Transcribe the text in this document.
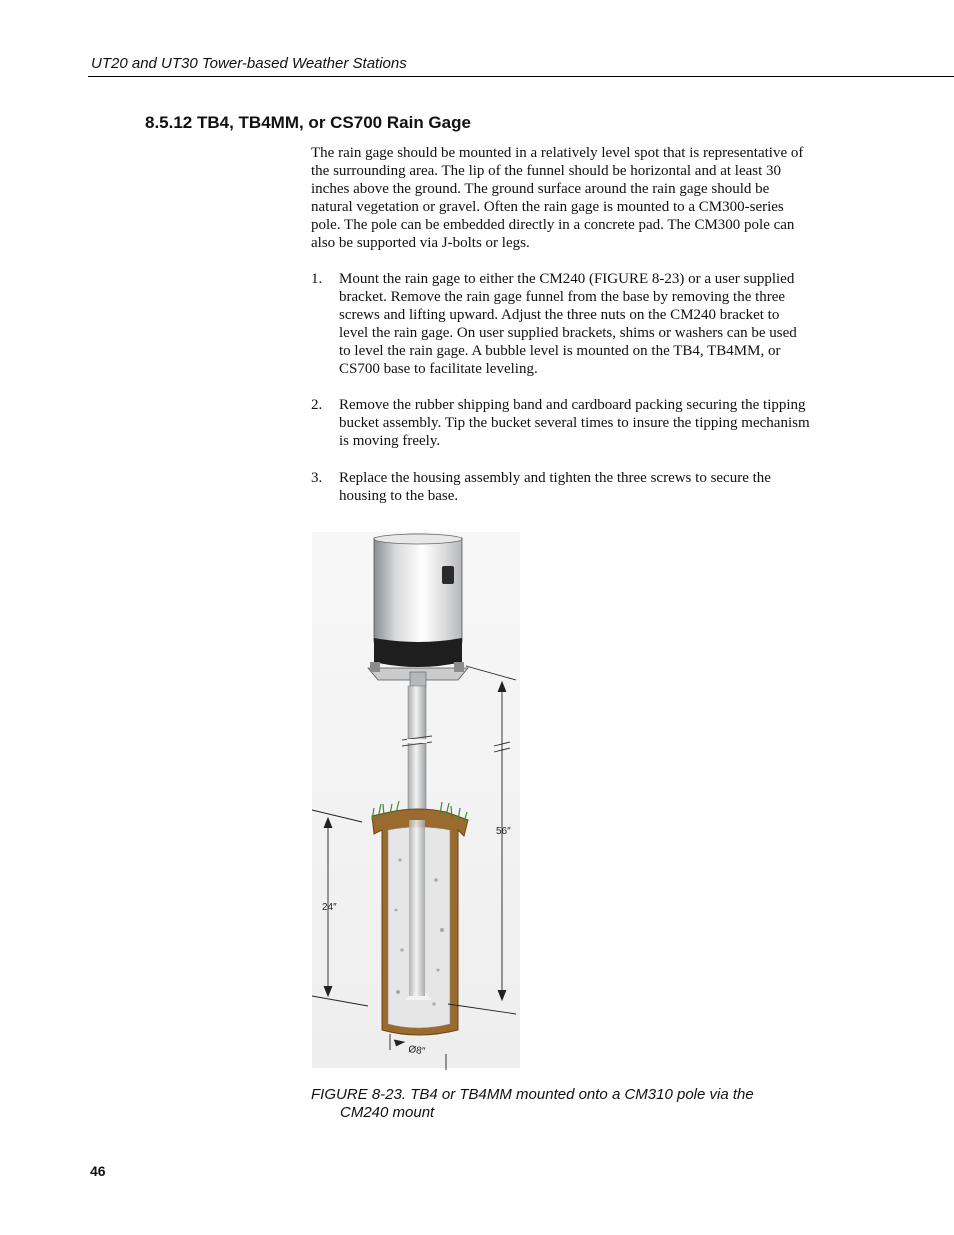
UT20 and UT30 Tower-based Weather Stations
8.5.12 TB4, TB4MM, or CS700 Rain Gage
The rain gage should be mounted in a relatively level spot that is representative of the surrounding area. The lip of the funnel should be horizontal and at least 30 inches above the ground. The ground surface around the rain gage should be natural vegetation or gravel. Often the rain gage is mounted to a CM300-series pole. The pole can be embedded directly in a concrete pad. The CM300 pole can also be supported via J-bolts or legs.
1. Mount the rain gage to either the CM240 (FIGURE 8-23) or a user supplied bracket. Remove the rain gage funnel from the base by removing the three screws and lifting upward. Adjust the three nuts on the CM240 bracket to level the rain gage. On user supplied brackets, shims or washers can be used to level the rain gage. A bubble level is mounted on the TB4, TB4MM, or CS700 base to facilitate leveling.
2. Remove the rubber shipping band and cardboard packing securing the tipping bucket assembly. Tip the bucket several times to insure the tipping mechanism is moving freely.
3. Replace the housing assembly and tighten the three screws to secure the housing to the base.
56″
24″
Ø8″
FIGURE 8-23. TB4 or TB4MM mounted onto a CM310 pole via the
CM240 mount
46
